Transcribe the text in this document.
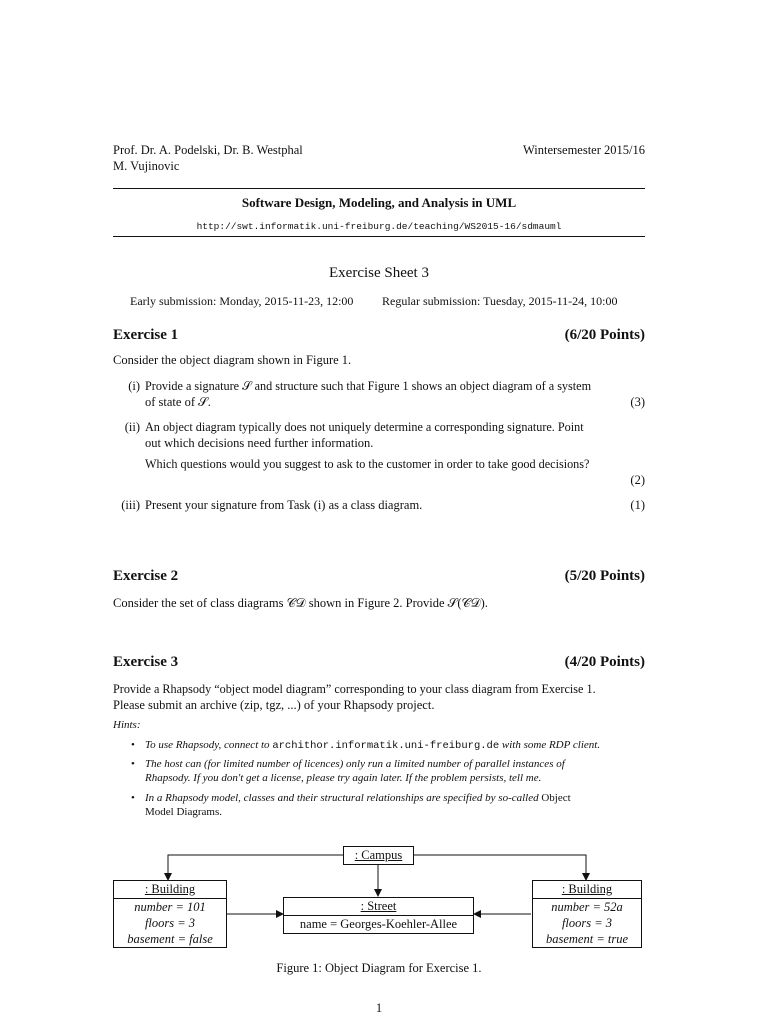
Prof. Dr. A. Podelski, Dr. B. Westphal
M. Vujinovic
Wintersemester 2015/16
Software Design, Modeling, and Analysis in UML
http://swt.informatik.uni-freiburg.de/teaching/WS2015-16/sdmauml
Exercise Sheet 3
Early submission: Monday, 2015-11-23, 12:00 Regular submission: Tuesday, 2015-11-24, 10:00
Exercise 1	(6/20 Points)
Consider the object diagram shown in Figure 1.
(i) Provide a signature 𝒮 and structure such that Figure 1 shows an object diagram of a system
of state of 𝒮.	(3)
(ii) An object diagram typically does not uniquely determine a corresponding signature. Point
out which decisions need further information.
Which questions would you suggest to ask to the customer in order to take good decisions?
(2)
(iii) Present your signature from Task (i) as a class diagram.	(1)
Exercise 2	(5/20 Points)
Consider the set of class diagrams 𝒞𝒟 shown in Figure 2. Provide 𝒮(𝒞𝒟).
Exercise 3	(4/20 Points)
Provide a Rhapsody “object model diagram” corresponding to your class diagram from Exercise 1.
Please submit an archive (zip, tgz, ...) of your Rhapsody project.
Hints:
• To use Rhapsody, connect to archithor.informatik.uni-freiburg.de with some RDP client.
• The host can (for limited number of licences) only run a limited number of parallel instances of
Rhapsody. If you don't get a license, please try again later. If the problem persists, tell me.
• In a Rhapsody model, classes and their structural relationships are specified by so-called Object
Model Diagrams.
: Campus
: Street
name = Georges-Koehler-Allee
: Building
number = 101
floors = 3
basement = false
: Building
number = 52a
floors = 3
basement = true
Figure 1: Object Diagram for Exercise 1.
1
